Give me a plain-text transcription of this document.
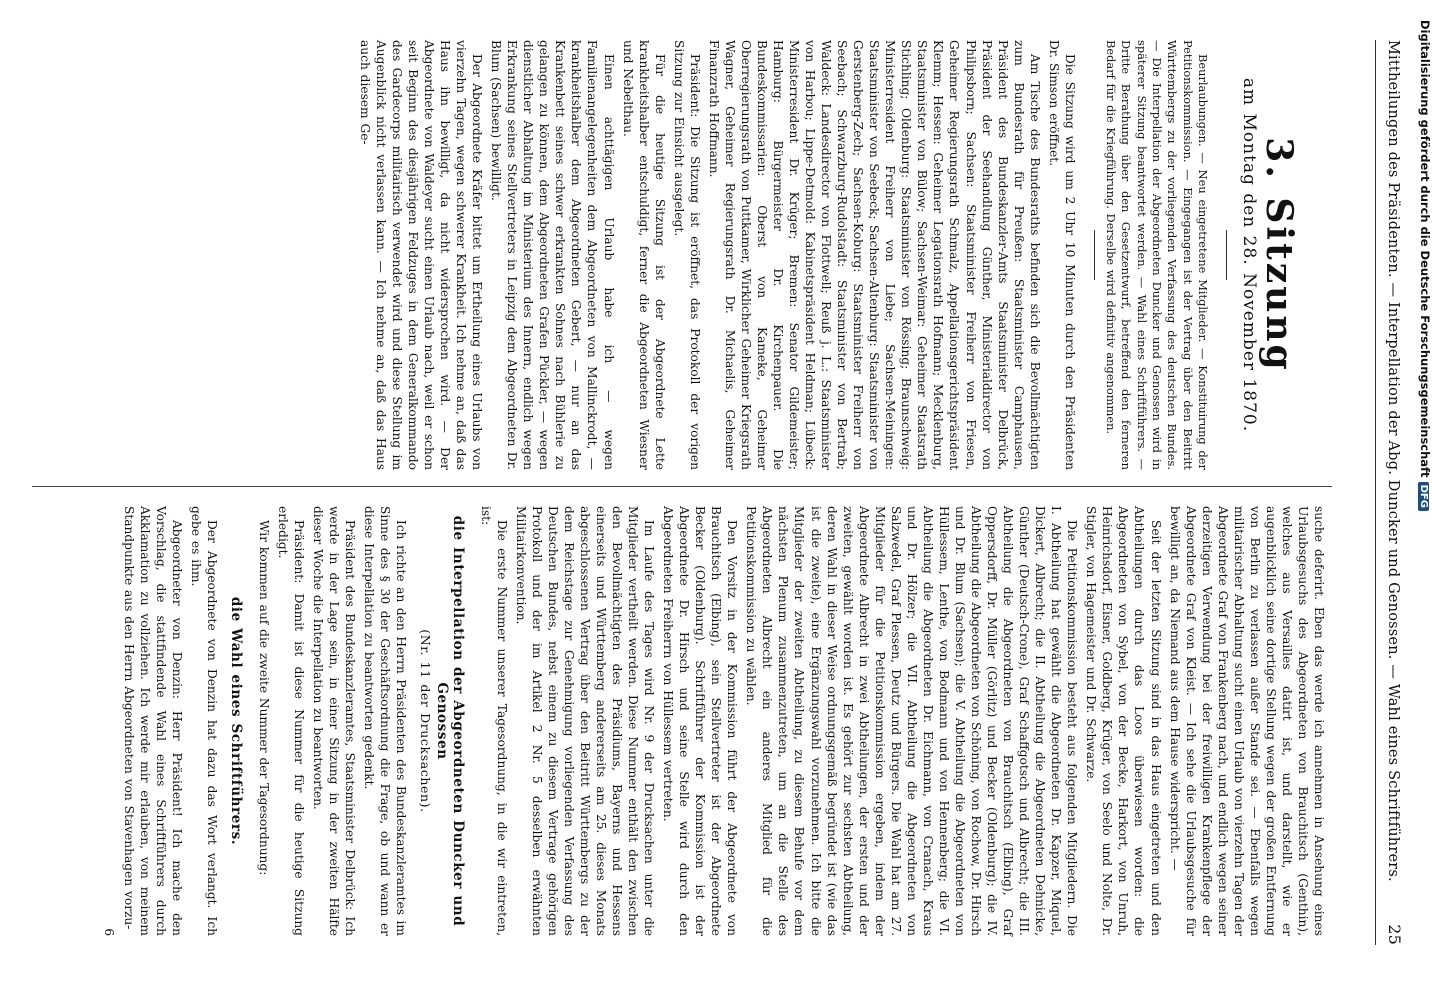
Mittheilungen des Präsidenten. — Interpellation der Abg. Duncker und Genossen. — Wahl eines Schriftführers.
25
3. Sitzung
am Montag den 28. November 1870.

Beurlaubungen. — Neu eingetretene Mitglieder. — Konstituirung der Petitionskommission. — Eingegangen ist der Vertrag über den Beitritt Württembergs zu der vorliegenden Verfassung des deutschen Bundes. — Die Interpellation der Abgeordneten Duncker und Genossen wird in späterer Sitzung beantwortet werden. — Wahl eines Schriftführers. — Dritte Berathung über den Gesetzentwurf, betreffend den ferneren Bedarf für die Kriegführung. Derselbe wird definitiv angenommen.

Die Sitzung wird um 2 Uhr 10 Minuten durch den Präsidenten Dr. Simson eröffnet.

Am Tische des Bundesraths befinden sich die Bevollmächtigten zum Bundesrath für Preußen: Staatsminister Camphausen, Präsident des Bundeskanzler-Amts Staatsminister Delbrück, Präsident der Seehandlung Günther, Ministerialdirector von Philipsborn; Sachsen: Staatsminister Freiherr von Friesen, Geheimer Regierungsrath Schmalz, Appellationsgerichtspräsident Klemm; Hessen: Geheimer Legationsrath Hofmann; Mecklenburg, Staatsminister von Bülow; Sachsen-Weimar: Geheimer Staatsrath Stichling; Oldenburg: Staatsminister von Rössing; Braunschweig: Ministerresident Freiherr von Liebe; Sachsen-Meiningen: Staatsminister von Seebeck; Sachsen-Altenburg: Staatsminister von Gerstenberg-Zech; Sachsen-Koburg: Staatsminister Freiherr von Seebach; Schwarzburg-Rudolstadt: Staatsminister von Bertrab; Waldeck: Landesdirector von Flottwell; Reuß j. L.: Staatsminister von Harbou; Lippe-Detmold: Kabinetspräsident Heldman; Lübeck: Ministerresident Dr. Krüger; Bremen: Senator Gildemeister; Hamburg: Bürgermeister Dr. Kirchenpauer. Die Bundeskommissarien: Oberst von Kameke, Geheimer Oberregierungsrath von Puttkamer, Wirklicher Geheimer Kriegsrath Wagner, Geheimer Regierungsrath Dr. Michaelis, Geheimer Finanzrath Hoffmann.

Präsident: Die Sitzung ist eröffnet, das Protokoll der vorigen Sitzung zur Einsicht ausgelegt.

Für die heutige Sitzung ist der Abgeordnete Lette krankheitshalber entschuldigt, ferner die Abgeordneten Wiesner und Nebelthau.

Einen achttägigen Urlaub habe ich — wegen Familienangelegenheiten dem Abgeordneten von Mallinckrodt, — krankheitshalber dem Abgeordneten Gebert, — nur an das Krankenbett seines schwer erkrankten Sohnes nach Bühlerie zu gelangen zu können, dem Abgeordneten Grafen Pückler, — wegen dienstlicher Abhaltung im Ministerium des Innern, endlich wegen Erkrankung seines Stellvertreters in Leipzig dem Abgeordneten Dr. Blum (Sachsen) bewilligt.

Der Abgeordnete Kräfer bittet um Ertheilung eines Urlaubs von vierzehn Tagen, wegen schwerer Krankheit. Ich nehme an, daß das Haus ihn bewilligt, da nicht widersprochen wird. — Der Abgeordnete von Waldeyer sucht einen Urlaub nach, weil er schon seit Beginn des diesjährigen Feldzuges in dem Generalkommando des Gardecorps militairisch verwendet wird und diese Stellung im Augenblick nicht verlassen kann. — Ich nehme an, daß das Haus auch diesem Ge-

suche deferirt. Eben das werde ich annehmen in Ansehung eines Urlaubsgesuchs des Abgeordneten von Brauchitsch (Genthin), welches aus Versailles datirt ist, und darstellt, wie er augenblicklich seine dortige Stellung wegen der großen Entfernung von Berlin zu verlassen außer Stande sei. — Ebenfalls wegen militairischer Abhaltung sucht einen Urlaub von vierzehn Tagen der Abgeordnete Graf von Frankenberg nach, und endlich wegen seiner derzeitigen Verwendung bei der freiwilligen Krankenpflege der Abgeordnete Graf von Kleist. — Ich sehe die Urlaubsgesuche für bewilligt an, da Niemand aus dem Hause widerspricht. —

Seit der letzten Sitzung sind in das Haus eingetreten und den Abtheilungen durch das Loos überwiesen worden: die Abgeordneten von Sybel, von der Becke, Harkort, von Unruh, Heinrichsdorf, Eisner, Goldberg, Krüger, von Seelo und Nolte, Dr. Stigler, von Hagemeister und Dr. Schwarze.

Die Petitionskommission besteht aus folgenden Mitgliedern. Die I. Abtheilung hat gewählt die Abgeordneten Dr. Kapzer, Miquel, Dickert, Albrecht; die II. Abtheilung die Abgeordneten Dehnicke, Günther (Deutsch-Crone), Graf Schaffgotsch und Albrecht; die III. Abtheilung die Abgeordneten von Brauchitsch (Elbing), Graf Oppersdorff, Dr. Müller (Görlitz) und Becker (Oldenburg); die IV. Abtheilung die Abgeordneten von Schöning, von Rochow, Dr. Hirsch und Dr. Blum (Sachsen); die V. Abtheilung die Abgeordneten von Hüllessem, Lenthe, von Bodmann und von Hennenberg; die VI. Abtheilung die Abgeordneten Dr. Eichmann, von Cranach, Kraus und Dr. Hölzer; die VII. Abtheilung die Abgeordneten von Salzwedel, Graf Plessen, Deutz und Bürgers. Die Wahl hat am 27. Mitglieder für die Petitionskommission ergeben, indem der Abgeordnete Albrecht in zwei Abtheilungen, der ersten und der zweiten, gewählt worden ist. Es gehört zur sechsten Abtheilung, deren Wahl in dieser Weise ordnungsgemäß begründet ist (wie das ist die zweite), eine Ergänzungswahl vorzunehmen. Ich bitte die Mitglieder der zweiten Abtheilung, zu diesem Behufe vor dem nächsten Plenum zusammenzutreten, um an die Stelle des Abgeordneten Albrecht ein anderes Mitglied für die Petitionskommission zu wählen.

Den Vorsitz in der Kommission führt der Abgeordnete von Brauchitsch (Elbing), sein Stellvertreter ist der Abgeordnete Becker (Oldenburg). Schriftführer der Kommission ist der Abgeordnete Dr. Hirsch und seine Stelle wird durch den Abgeordneten Freiherrn von Hüllessem vertreten.

Im Laufe des Tages wird Nr. 9 der Drucksachen unter die Mitglieder vertheilt werden. Diese Nummer enthält den zwischen den Bevollmächtigten des Präsidiums, Bayerns und Hessens einerseits und Württemberg andererseits am 25. dieses Monats abgeschlossenen Vertrag über den Beitritt Württembergs zu der dem Reichstage zur Genehmigung vorliegenden Verfassung des Deutschen Bundes, nebst einem zu diesem Vertrage gehörigen Protokoll und der im Artikel 2 Nr. 5 desselben erwähnten Militairkonvention.

Die erste Nummer unserer Tagesordnung, in die wir eintreten, ist:

die Interpellation der Abgeordneten Duncker und Genossen
(Nr. 11 der Drucksachen).

Ich richte an den Herrn Präsidenten des Bundeskanzleramtes im Sinne des § 30 der Geschäftsordnung die Frage, ob und wann er diese Interpellation zu beantworten gedenkt.

Präsident des Bundeskanzleramtes, Staatsminister Delbrück: Ich werde in der Lage sein, in einer Sitzung in der zweiten Hälfte dieser Woche die Interpellation zu beantworten.

Präsident: Damit ist diese Nummer für die heutige Sitzung erledigt.

Wir kommen auf die zweite Nummer der Tagesordnung:

die Wahl eines Schriftführers.

Der Abgeordnete von Denzin hat dazu das Wort verlangt. Ich gebe es ihm.

Abgeordneter von Denzin: Herr Präsident! Ich mache den Vorschlag, die stattfindende Wahl eines Schriftführers durch Akklamation zu vollziehen. Ich werde mir erlauben, von meinem Standpunkte aus den Herrn Abgeordneten von Stavenhagen vorzu-

6
Digitalisierung gefördert durch die Deutsche ForschungsgemeinschaftDFG
